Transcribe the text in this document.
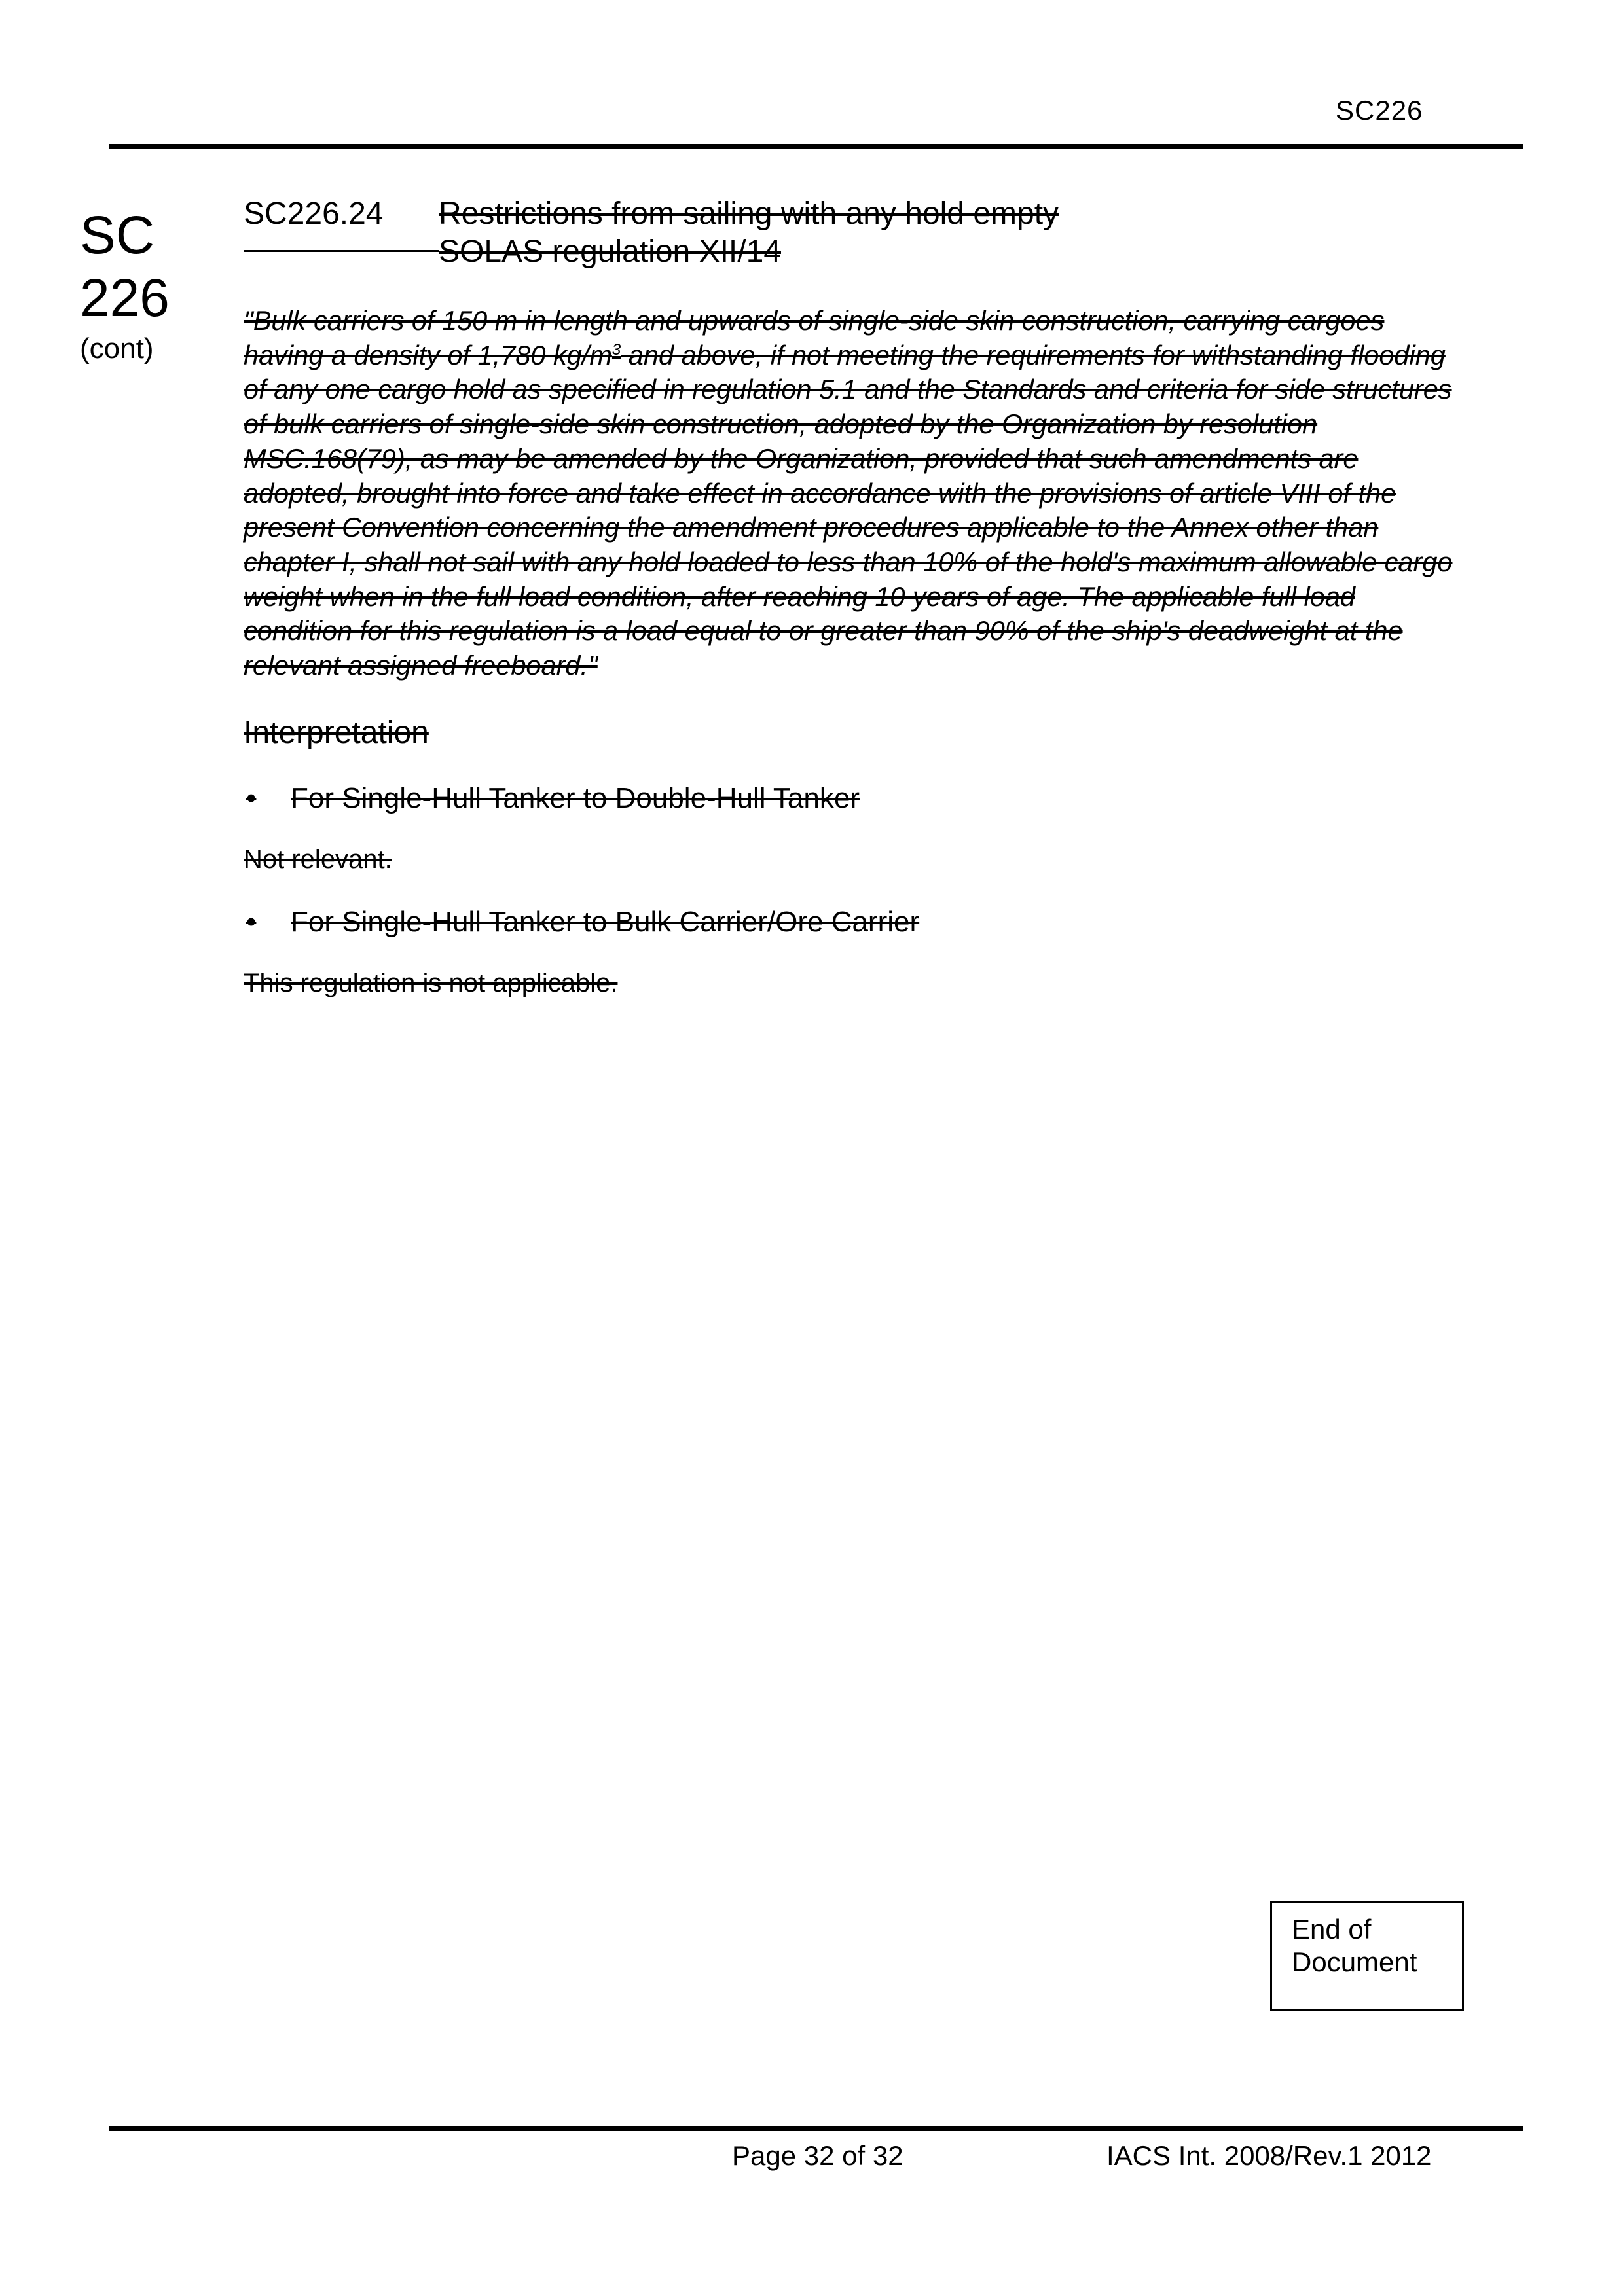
SC226
SC
226
(cont)
SC226.24 Restrictions from sailing with any hold empty
SOLAS regulation XII/14
"Bulk carriers of 150 m in length and upwards of single-side skin construction, carrying cargoes having a density of 1,780 $kg/m^3$ and above, if not meeting the requirements for withstanding flooding of any one cargo hold as specified in regulation 5.1 and the Standards and criteria for side structures of bulk carriers of single-side skin construction, adopted by the Organization by resolution MSC.168(79), as may be amended by the Organization, provided that such amendments are adopted, brought into force and take effect in accordance with the provisions of article VIII of the present Convention concerning the amendment procedures applicable to the Annex other than chapter I, shall not sail with any hold loaded to less than 10% of the hold's maximum allowable cargo weight when in the full load condition, after reaching 10 years of age. The applicable full load condition for this regulation is a load equal to or greater than 90% of the ship's deadweight at the relevant assigned freeboard."
Interpretation
• For Single-Hull Tanker to Double-Hull Tanker
Not relevant.
• For Single-Hull Tanker to Bulk Carrier/Ore Carrier
This regulation is not applicable.
End of
Document
Page 32 of 32	IACS Int. 2008/Rev.1 2012
